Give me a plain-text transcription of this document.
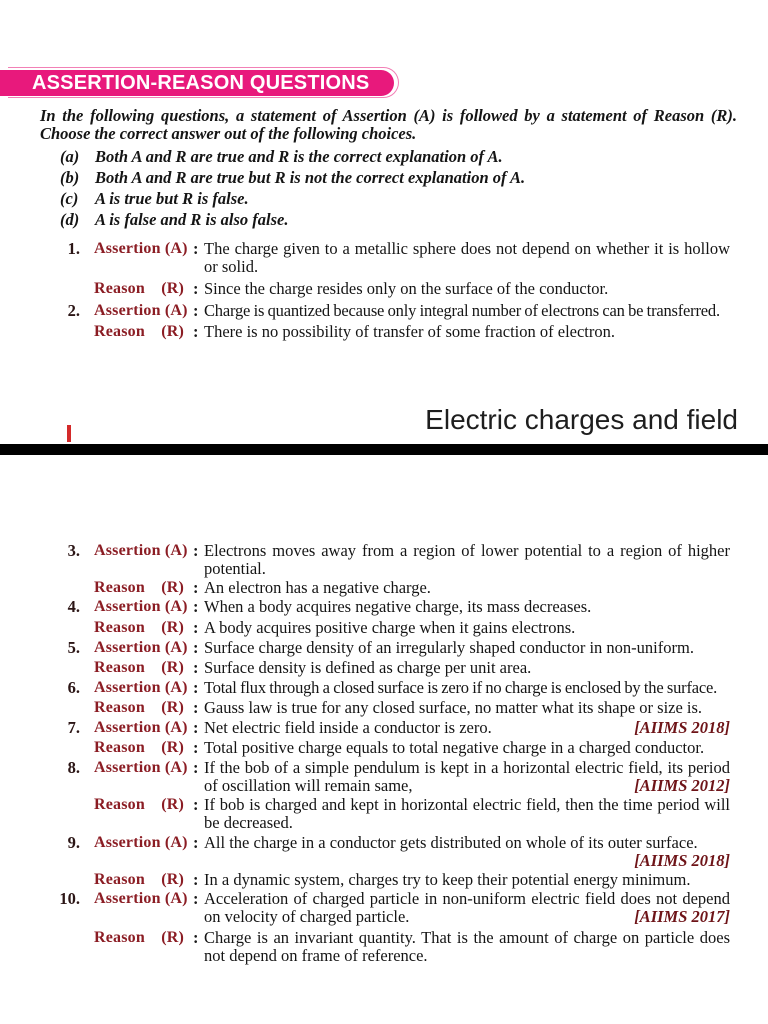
ASSERTION-REASON QUESTIONS
In the following questions, a statement of Assertion (A) is followed by a statement of Reason (R). Choose the correct answer out of the following choices.
(a) Both A and R are true and R is the correct explanation of A.
(b) Both A and R are true but R is not the correct explanation of A.
(c) A is true but R is false.
(d) A is false and R is also false.
1. Assertion (A) : The charge given to a metallic sphere does not depend on whether it is hollow or solid.
Reason (R) : Since the charge resides only on the surface of the conductor.
2. Assertion (A) : Charge is quantized because only integral number of electrons can be transferred.
Reason (R) : There is no possibility of transfer of some fraction of electron.
Electric charges and field
3. Assertion (A) : Electrons moves away from a region of lower potential to a region of higher potential.
Reason (R) : An electron has a negative charge.
4. Assertion (A) : When a body acquires negative charge, its mass decreases.
Reason (R) : A body acquires positive charge when it gains electrons.
5. Assertion (A) : Surface charge density of an irregularly shaped conductor in non-uniform.
Reason (R) : Surface density is defined as charge per unit area.
6. Assertion (A) : Total flux through a closed surface is zero if no charge is enclosed by the surface.
Reason (R) : Gauss law is true for any closed surface, no matter what its shape or size is.
7. Assertion (A) : Net electric field inside a conductor is zero.	[AIIMS 2018]
Reason (R) : Total positive charge equals to total negative charge in a charged conductor.
8. Assertion (A) : If the bob of a simple pendulum is kept in a horizontal electric field, its period of oscillation will remain same,	[AIIMS 2012]
Reason (R) : If bob is charged and kept in horizontal electric field, then the time period will be decreased.
9. Assertion (A) : All the charge in a conductor gets distributed on whole of its outer surface.
[AIIMS 2018]
Reason (R) : In a dynamic system, charges try to keep their potential energy minimum.
10. Assertion (A) : Acceleration of charged particle in non-uniform electric field does not depend on velocity of charged particle.	[AIIMS 2017]
Reason (R) : Charge is an invariant quantity. That is the amount of charge on particle does not depend on frame of reference.
